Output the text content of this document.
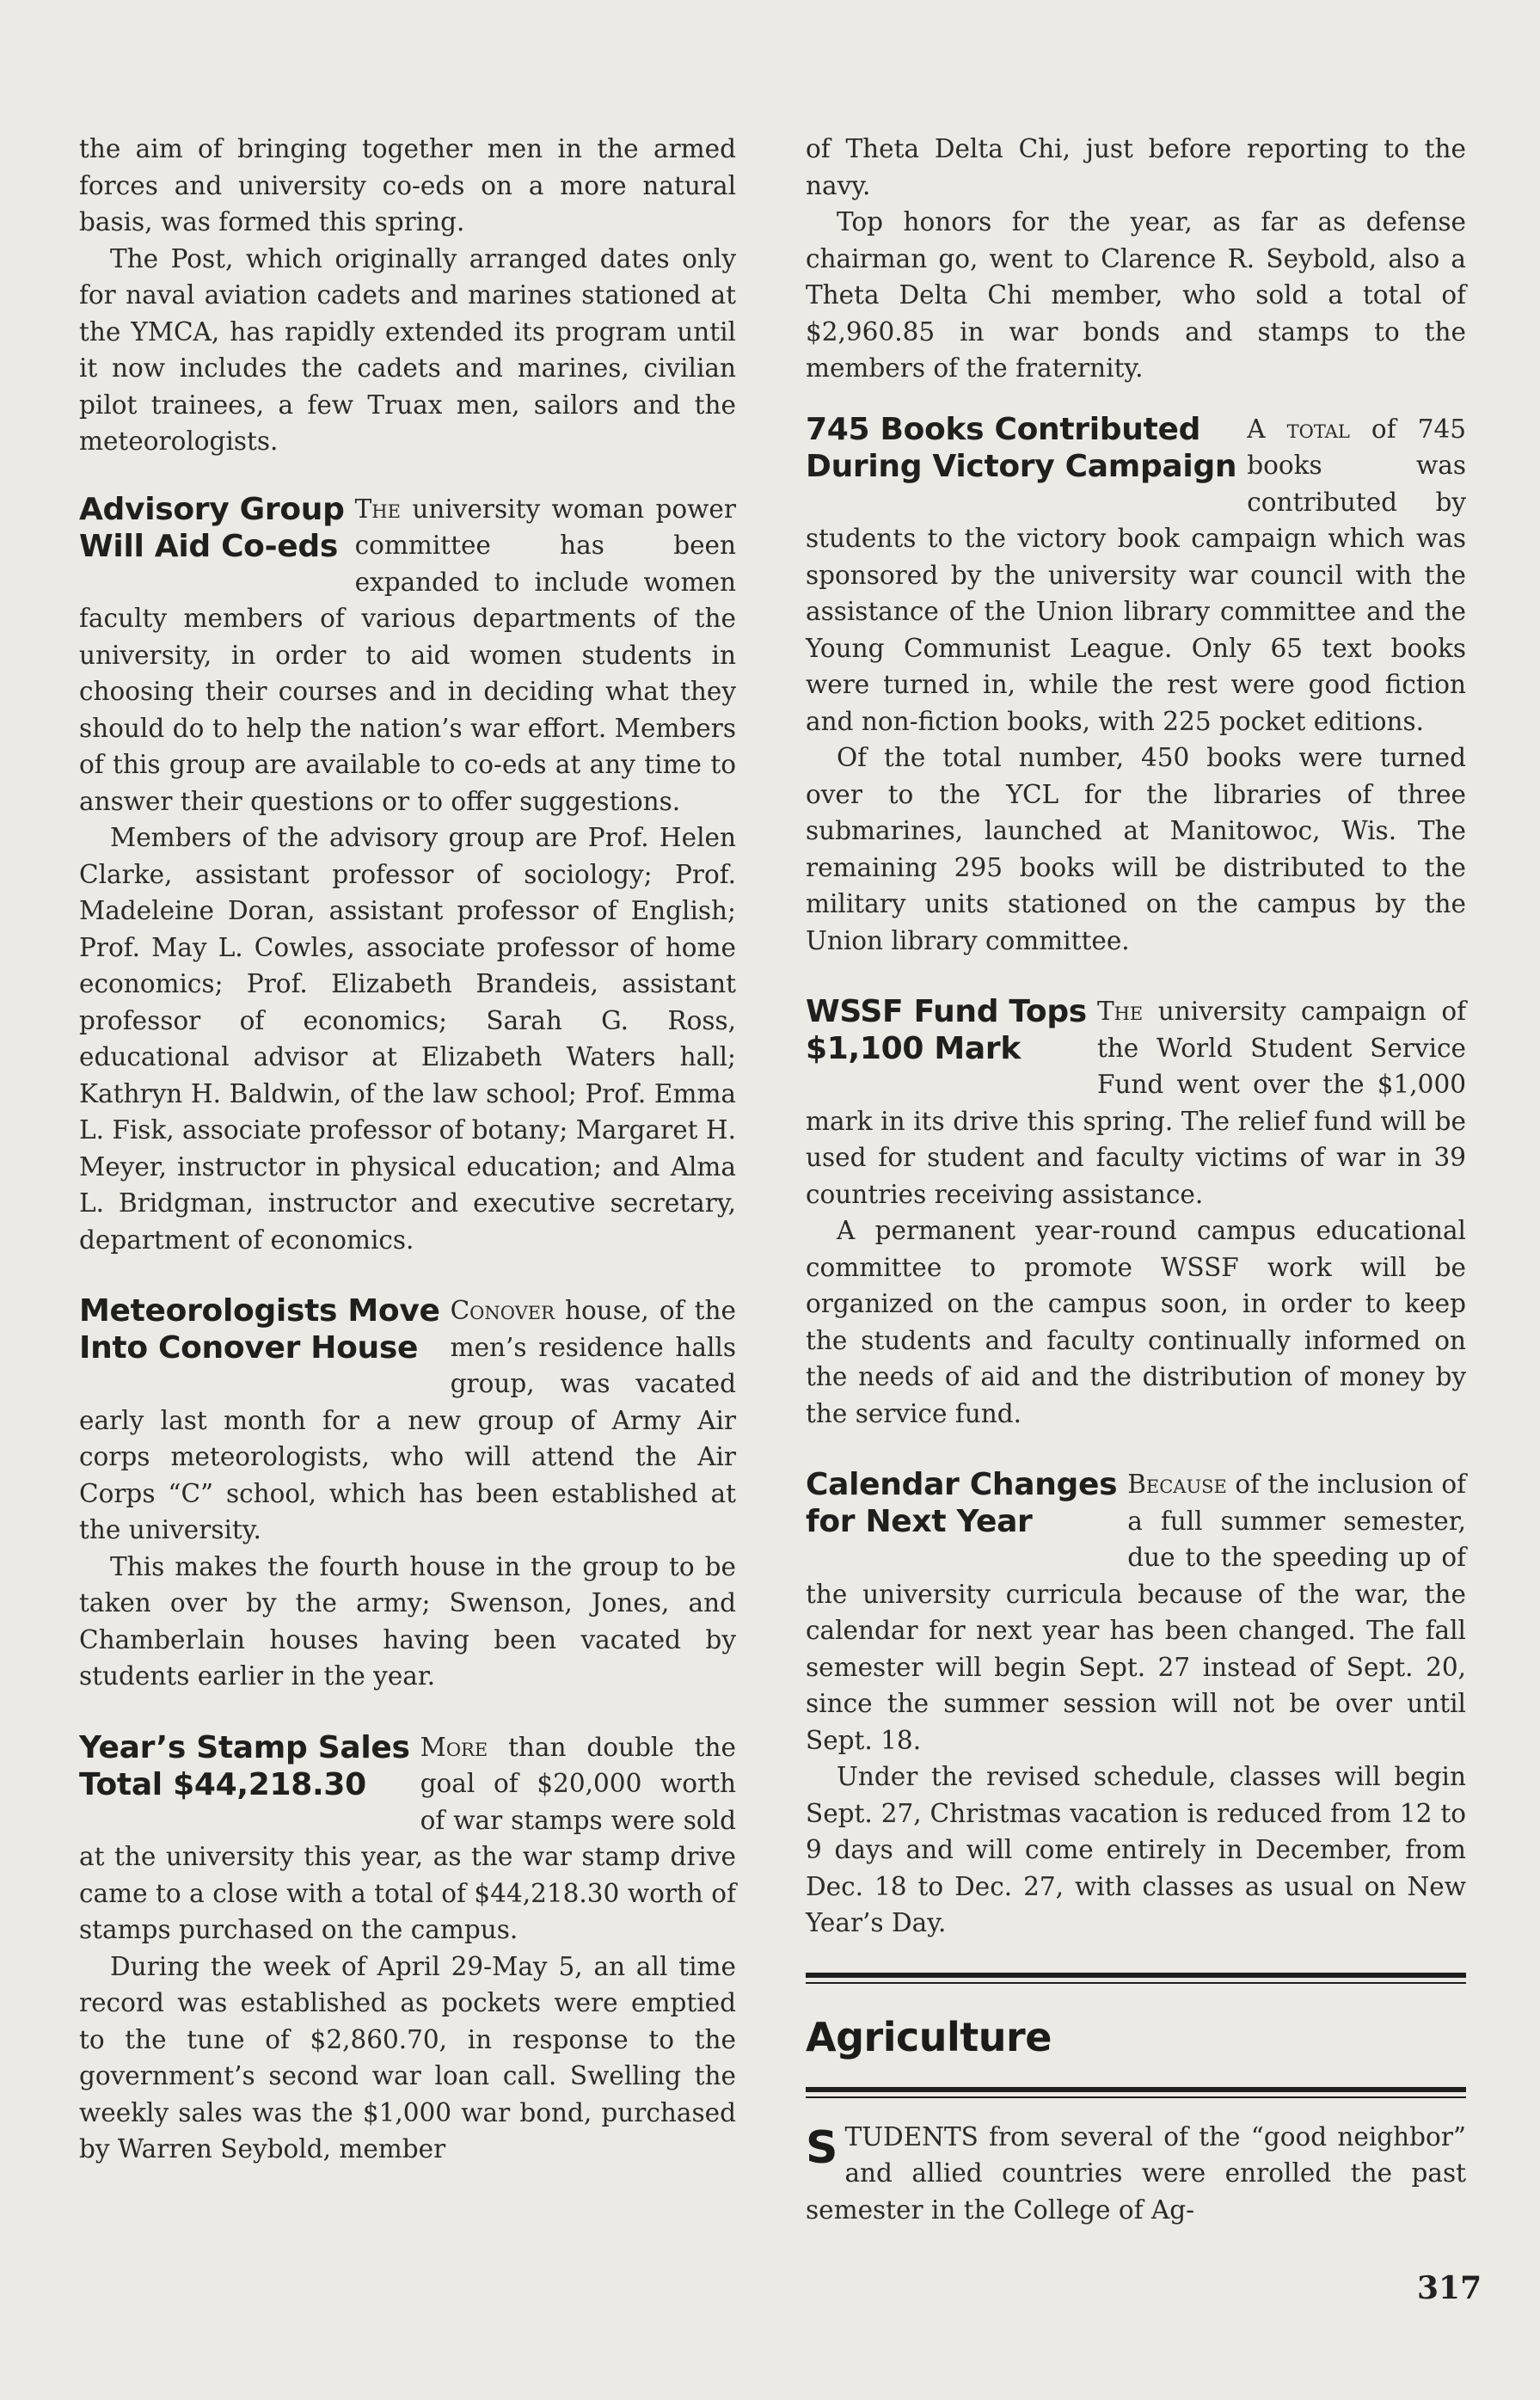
the aim of bringing together men in the armed forces and university co-eds on a more natural basis, was formed this spring.

The Post, which originally arranged dates only for naval aviation cadets and marines stationed at the YMCA, has rapidly extended its program until it now includes the cadets and marines, civilian pilot trainees, a few Truax men, sailors and the meteorologists.

Advisory Group
Will Aid Co-eds

The university woman power committee has been expanded to include women faculty members of various departments of the university, in order to aid women students in choosing their courses and in deciding what they should do to help the nation’s war effort. Members of this group are available to co-eds at any time to answer their questions or to offer suggestions.

Members of the advisory group are Prof. Helen Clarke, assistant professor of sociology; Prof. Madeleine Doran, assistant professor of English; Prof. May L. Cowles, associate professor of home economics; Prof. Elizabeth Brandeis, assistant professor of economics; Sarah G. Ross, educational advisor at Elizabeth Waters hall; Kathryn H. Baldwin, of the law school; Prof. Emma L. Fisk, associate professor of botany; Margaret H. Meyer, instructor in physical education; and Alma L. Bridgman, instructor and executive secretary, department of economics.

Meteorologists Move
Into Conover House

Conover house, of the men’s residence halls group, was vacated early last month for a new group of Army Air corps meteorologists, who will attend the Air Corps “C” school, which has been established at the university.

This makes the fourth house in the group to be taken over by the army; Swenson, Jones, and Chamberlain houses having been vacated by students earlier in the year.

Year’s Stamp Sales
Total $44,218.30

More than double the goal of $20,000 worth of war stamps were sold at the university this year, as the war stamp drive came to a close with a total of $44,218.30 worth of stamps purchased on the campus.

During the week of April 29-May 5, an all time record was established as pockets were emptied to the tune of $2,860.70, in response to the government’s second war loan call. Swelling the weekly sales was the $1,000 war bond, purchased by Warren Seybold, member

of Theta Delta Chi, just before reporting to the navy.

Top honors for the year, as far as defense chairman go, went to Clarence R. Seybold, also a Theta Delta Chi member, who sold a total of $2,960.85 in war bonds and stamps to the members of the fraternity.

745 Books Contributed
During Victory Campaign

A total of 745 books was contributed by students to the victory book campaign which was sponsored by the university war council with the assistance of the Union library committee and the Young Communist League. Only 65 text books were turned in, while the rest were good fiction and non-fiction books, with 225 pocket editions.

Of the total number, 450 books were turned over to the YCL for the libraries of three submarines, launched at Manitowoc, Wis. The remaining 295 books will be distributed to the military units stationed on the campus by the Union library committee.

WSSF Fund Tops
$1,100 Mark

The university campaign of the World Student Service Fund went over the $1,000 mark in its drive this spring. The relief fund will be used for student and faculty victims of war in 39 countries receiving assistance.

A permanent year-round campus educational committee to promote WSSF work will be organized on the campus soon, in order to keep the students and faculty continually informed on the needs of aid and the distribution of money by the service fund.

Calendar Changes
for Next Year

Because of the inclusion of a full summer semester, due to the speeding up of the university curricula because of the war, the calendar for next year has been changed. The fall semester will begin Sept. 27 instead of Sept. 20, since the summer session will not be over until Sept. 18.

Under the revised schedule, classes will begin Sept. 27, Christmas vacation is reduced from 12 to 9 days and will come entirely in December, from Dec. 18 to Dec. 27, with classes as usual on New Year’s Day.

Agriculture

STUDENTS from several of the “good neighbor” and allied countries were enrolled the past semester in the College of Ag-

317
